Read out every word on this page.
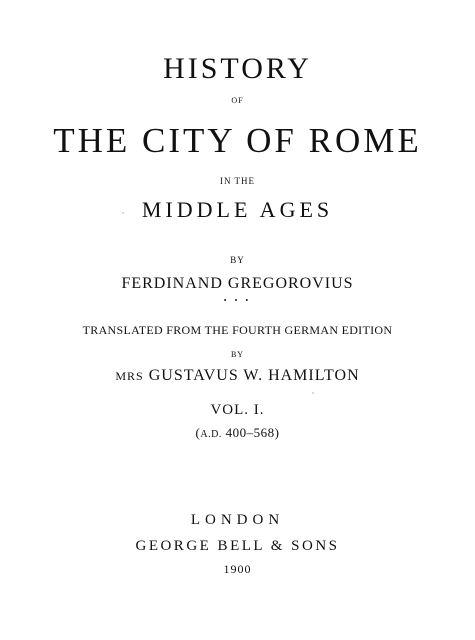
HISTORY
OF
THE CITY OF ROME
IN THE
MIDDLE AGES
BY
FERDINAND GREGOROVIUS
• • •
TRANSLATED FROM THE FOURTH GERMAN EDITION
BY
MRS GUSTAVUS W. HAMILTON
VOL. I.
(A.D. 400–568)
LONDON
GEORGE BELL & SONS
1900
